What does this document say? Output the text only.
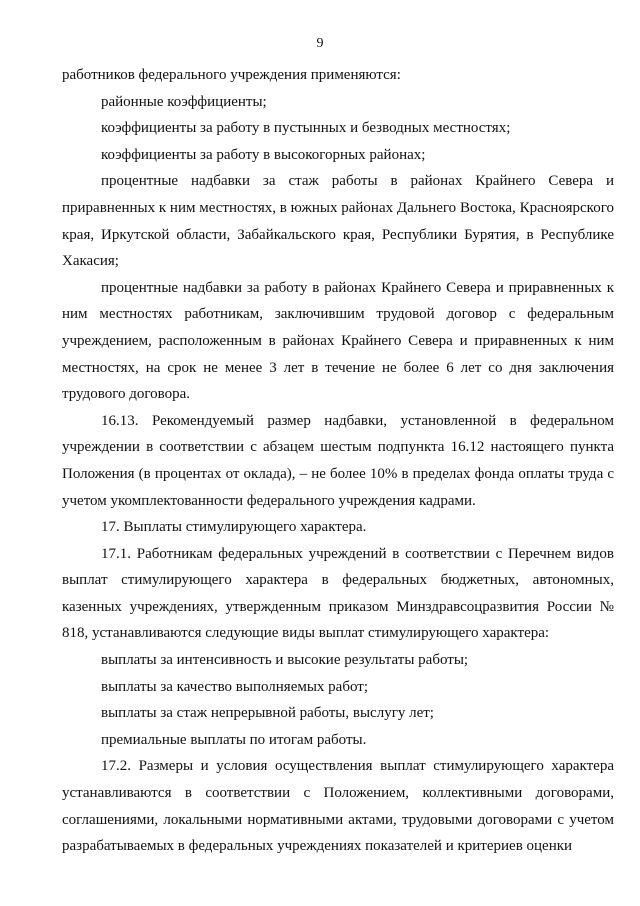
9

работников федерального учреждения применяются:

районные коэффициенты;

коэффициенты за работу в пустынных и безводных местностях;

коэффициенты за работу в высокогорных районах;

процентные надбавки за стаж работы в районах Крайнего Севера и приравненных к ним местностях, в южных районах Дальнего Востока, Красноярского края, Иркутской области, Забайкальского края, Республики Бурятия, в Республике Хакасия;

процентные надбавки за работу в районах Крайнего Севера и приравненных к ним местностях работникам, заключившим трудовой договор с федеральным учреждением, расположенным в районах Крайнего Севера и приравненных к ним местностях, на срок не менее 3 лет в течение не более 6 лет со дня заключения трудового договора.

16.13. Рекомендуемый размер надбавки, установленной в федеральном учреждении в соответствии с абзацем шестым подпункта 16.12 настоящего пункта Положения (в процентах от оклада), – не более 10% в пределах фонда оплаты труда с учетом укомплектованности федерального учреждения кадрами.

17. Выплаты стимулирующего характера.

17.1. Работникам федеральных учреждений в соответствии с Перечнем видов выплат стимулирующего характера в федеральных бюджетных, автономных, казенных учреждениях, утвержденным приказом Минздравсоцразвития России № 818, устанавливаются следующие виды выплат стимулирующего характера:

выплаты за интенсивность и высокие результаты работы;

выплаты за качество выполняемых работ;

выплаты за стаж непрерывной работы, выслугу лет;

премиальные выплаты по итогам работы.

17.2. Размеры и условия осуществления выплат стимулирующего характера устанавливаются в соответствии с Положением, коллективными договорами, соглашениями, локальными нормативными актами, трудовыми договорами с учетом разрабатываемых в федеральных учреждениях показателей и критериев оценки
